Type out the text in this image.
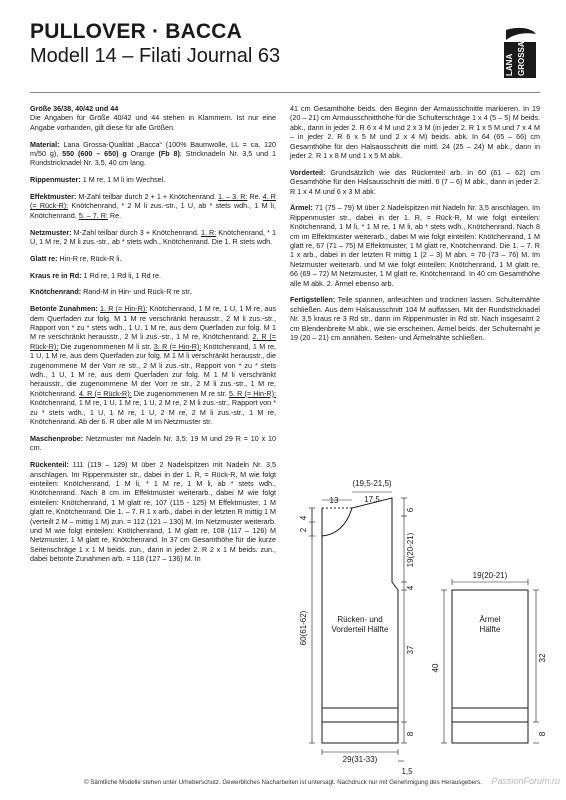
PULLOVER · BACCA
Modell 14 – Filati Journal 63	LANA GROSSA

Größe 36/38, 40/42 und 44
Die Angaben für Größe 40/42 und 44 stehen in Klammern. Ist nur eine Angabe vorhanden, gilt diese für alle Größen.

Material: Lana Grossa-Qualität „Bacca“ (100% Baumwolle, LL = ca. 120 m/50 g), 550 (600 – 650) g Orange (Fb 8); Stricknadeln Nr. 3,5 und 1 Rundstricknadel Nr. 3,5, 40 cm lang.

Rippenmuster: 1 M re, 1 M li im Wechsel.

Effektmuster: M-Zahl teilbar durch 2 + 1 + Knötchenrand. 1. – 3. R: Re. 4. R (= Rück-R): Knötchenrand, * 2 M li zus.-str., 1 U, ab * stets wdh., 1 M li, Knötchenrand. 5. – 7. R: Re.

Netzmuster: M-Zahl teilbar durch 3 + Knötchenrand. 1. R: Knötchenrand, * 1 U, 1 M re, 2 M li zus.-str., ab * stets wdh., Knötchenrand. Die 1. R stets wdh.

Glatt re: Hin-R re, Rück-R li.

Kraus re in Rd: 1 Rd re, 1 Rd li, 1 Rd re.

Knötchenrand: Rand-M in Hin- und Rück-R re str.

Betonte Zunahmen: 1. R (= Hin-R): Knötchenrand, 1 M re, 1 U, 1 M re, aus dem Querfaden zur folg. M 1 M re verschränkt herausstr., 2 M li zus.-str., Rapport von * zu * stets wdh., 1 U, 1 M re, aus dem Querfaden zur folg. M 1 M re verschränkt herausstr., 2 M li zus.-str., 1 M re, Knötchenrand. 2. R (= Rück-R): Die zugenommenen M li str. 3. R (= Hin-R): Knötchenrand, 1 M re, 1 U, 1 M re, aus dem Querfaden zur folg. M 1 M li verschränkt herausstr., die zugenommene M der Vorr re str., 2 M li zus.-str., Rapport von * zu * stets wdh., 1 U, 1 M re, aus dem Querfaden zur folg. M 1 M li verschränkt herausstr., die zugenommene M der Vorr re str., 2 M li zus.-str., 1 M re, Knötchenrand. 4. R (= Rück-R): Die zugenommenen M re str. 5. R (= Hin-R): Knötchenrand, 1 M re, 1 U, 1 M re, 1 U, 2 M re, 2 M li zus.-str., Rapport von * zu * stets wdh., 1 U, 1 M re, 1 U, 2 M re, 2 M li zus.-str., 1 M re, Knötchenrand. Ab der 6. R über alle M im Netzmuster str.

Maschenprobe: Netzmuster mit Nadeln Nr. 3,5: 19 M und 29 R = 10 x 10 cm.

Rückenteil: 111 (119 – 129) M über 2 Nadelspitzen mit Nadeln Nr. 3,5 anschlagen. Im Rippenmuster str., dabei in der 1. R, = Rück-R, M wie folgt einteilen: Knötchenrand, 1 M li, * 1 M re, 1 M li, ab * stets wdh., Knötchenrand. Nach 8 cm im Effektmuster weiterarb., dabei M wie folgt einteilen: Knötchenrand, 1 M glatt re, 107 (115 - 125) M Effektmuster, 1 M glatt re, Knötchenrand. Die 1. – 7. R 1 x arb., dabei in der letzten R mittig 1 M (verteilt 2 M – mittig 1 M) zun. = 112 (121 – 130) M. Im Netzmuster weiterarb. und M wie folgt einteilen: Knötchenrand, 1 M glatt re, 108 (117 – 126) M Netzmuster, 1 M glatt re, Knötchenrand. In 37 cm Gesamthöhe für die kurze Seitenschräge 1 x 1 M beids. zun., dann in jeder 2. R 2 x 1 M beids. zun., dabei betonte Zunahmen arb. = 118 (127 – 136) M. In

41 cm Gesamthöhe beids. den Beginn der Armausschnitte markieren. In 19 (20 – 21) cm Armausschnitthöhe für die Schulterschräge 1 x 4 (5 – 5) M beids. abk., dann in jeder 2. R 6 x 4 M und 2 x 3 M (in jeder 2. R 1 x 5 M und 7 x 4 M – in jeder 2. R 6 x 5 M und 2 x 4 M) beids. abk. In 64 (65 – 66) cm Gesamthöhe für den Halsausschnitt die mittl. 24 (25 – 24) M abk., dann in jeder 2. R 1 x 8 M und 1 x 5 M abk.

Vorderteil: Grundsätzlich wie das Rückenteil arb. In 60 (61 – 62) cm Gesamthöhe für den Halsausschnitt die mittl. 6 (7 – 6) M abk., dann in jeder 2. R 1 x 4 M und 6 x 3 M abk.

Ärmel: 71 (75 – 79) M über 2 Nadelspitzen mit Nadeln Nr. 3,5 anschlagen. Im Rippenmuster str., dabei in der 1. R, = Rück-R, M wie folgt einteilen: Knötchenrand, 1 M li, * 1 M re, 1 M li, ab * stets wdh., Knötchenrand. Nach 8 cm im Effektmuster weiterarb., dabei M wie folgt einteilen: Knötchenrand, 1 M glatt re, 67 (71 – 75) M Effektmuster, 1 M glatt re, Knötchenrand. Die 1. – 7. R 1 x arb., dabei in der letzten R mittig 1 (2 – 3) M abn. = 70 (73 – 76) M. Im Netzmuster weiterarb. und M wie folgt einteilen: Knötchenrand, 1 M glatt re, 66 (69 – 72) M Netzmuster, 1 M glatt re, Knötchenrand. In 40 cm Gesamthöhe alle M abk. 2. Ärmel ebenso arb.

Fertigstellen: Teile spannen, anfeuchten und trocknen lassen. Schulternähte schließen. Aus dem Halsausschnitt 104 M auffassen. Mit der Rundstricknadel Nr. 3,5 kraus re 3 Rd str., dann im Rippenmuster in Rd str. Nach insgesamt 2 cm Blendenbreite M abk., wie sie erscheinen. Ärmel beids. der Schulternaht je 19 (20 – 21) cm annähen. Seiten- und Ärmelnähte schließen.

Rücken- und
Vorderteil Hälfte
Ärmel
Hälfte
13
(19,5-21,5)
17,5
4
2
60(61-62)
6
19(20-21)
4
37
8
29(31-33)
1,5
19(20-21)
40
32
8
© Sämtliche Modelle stehen unter Urheberschutz. Gewerbliches Nacharbeiten ist untersagt. Nachdruck nur mit Genehmigung des Herausgebers.	PassionForum.ru
